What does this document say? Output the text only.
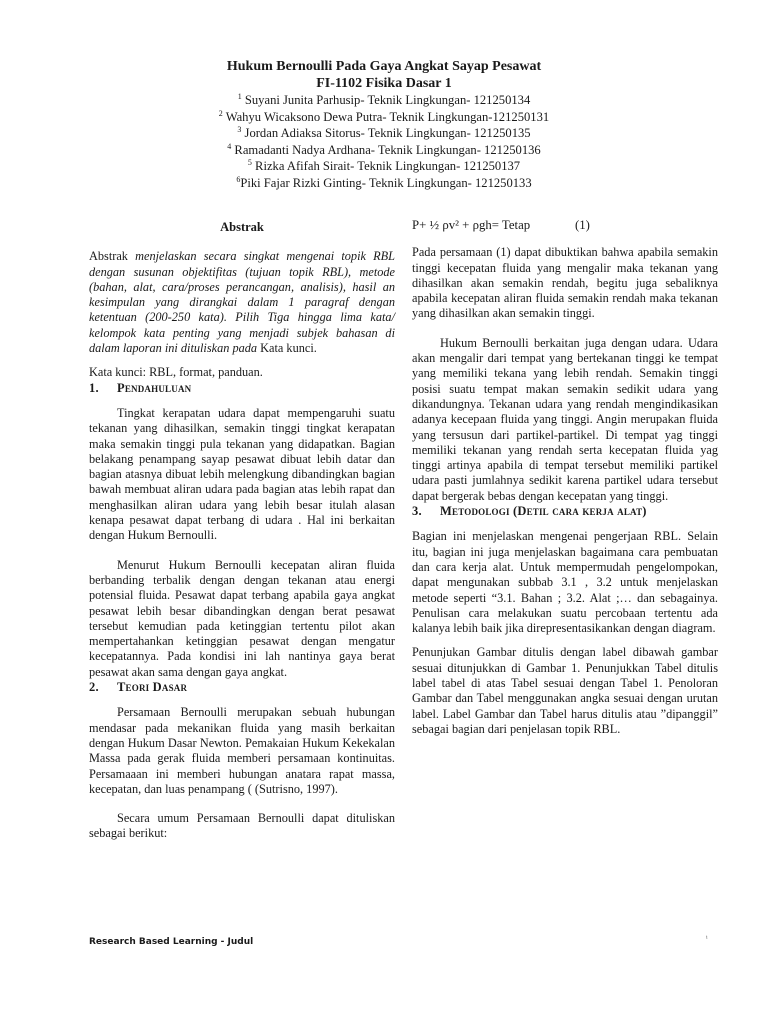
Hukum Bernoulli Pada Gaya Angkat Sayap Pesawat
FI-1102 Fisika Dasar 1
$^1$ Suyani Junita Parhusip- Teknik Lingkungan- 121250134
$^2$ Wahyu Wicaksono Dewa Putra- Teknik Lingkungan-121250131
$^3$ Jordan Adiaksa Sitorus- Teknik Lingkungan- 121250135
$^4$ Ramadanti Nadya Ardhana- Teknik Lingkungan- 121250136
$^5$ Rizka Afifah Sirait- Teknik Lingkungan- 121250137
$^6$Piki Fajar Rizki Ginting- Teknik Lingkungan- 121250133
Abstrak

Abstrak menjelaskan secara singkat mengenai topik RBL dengan susunan objektifitas (tujuan topik RBL), metode (bahan, alat, cara/proses perancangan, analisis), hasil an kesimpulan yang dirangkai dalam 1 paragraf dengan ketentuan (200-250 kata). Pilih Tiga hingga lima kata/ kelompok kata penting yang menjadi subjek bahasan di dalam laporan ini dituliskan pada Kata kunci.

Kata kunci: RBL, format, panduan.

1. Pendahuluan

Tingkat kerapatan udara dapat mempengaruhi suatu tekanan yang dihasilkan, semakin tinggi tingkat kerapatan maka semakin tinggi pula tekanan yang didapatkan. Bagian belakang penampang sayap pesawat dibuat lebih datar dan bagian atasnya dibuat lebih melengkung dibandingkan bagian bawah membuat aliran udara pada bagian atas lebih rapat dan menghasilkan aliran udara yang lebih besar itulah alasan kenapa pesawat dapat terbang di udara . Hal ini berkaitan dengan Hukum Bernoulli.

Menurut Hukum Bernoulli kecepatan aliran fluida berbanding terbalik dengan dengan tekanan atau energi potensial fluida. Pesawat dapat terbang apabila gaya angkat pesawat lebih besar dibandingkan dengan berat pesawat tersebut kemudian pada ketinggian tertentu pilot akan mempertahankan ketinggian pesawat dengan mengatur kecepatannya. Pada kondisi ini lah nantinya gaya berat pesawat akan sama dengan gaya angkat.

2. Teori Dasar

Persamaan Bernoulli merupakan sebuah hubungan mendasar pada mekanikan fluida yang masih berkaitan dengan Hukum Dasar Newton. Pemakaian Hukum Kekekalan Massa pada gerak fluida memberi persamaan kontinuitas. Persamaaan ini memberi hubungan anatara rapat massa, kecepatan, dan luas penampang ( (Sutrisno, 1997).

Secara umum Persamaan Bernoulli dapat dituliskan sebagai berikut:

P+ ½ ρv² + ρgh= Tetap	(1)

Pada persamaan (1) dapat dibuktikan bahwa apabila semakin tinggi kecepatan fluida yang mengalir maka tekanan yang dihasilkan akan semakin rendah, begitu juga sebaliknya apabila kecepatan aliran fluida semakin rendah maka tekanan yang dihasilkan akan semakin tinggi.

Hukum Bernoulli berkaitan juga dengan udara. Udara akan mengalir dari tempat yang bertekanan tinggi ke tempat yang memiliki tekana yang lebih rendah. Semakin tinggi posisi suatu tempat makan semakin sedikit udara yang dikandungnya. Tekanan udara yang rendah mengindikasikan adanya kecepaan fluida yang tinggi. Angin merupakan fluida yang tersusun dari partikel-partikel. Di tempat yag tinggi memiliki tekanan yang rendah serta kecepatan fluida yag tinggi artinya apabila di tempat tersebut memiliki partikel udara pasti jumlahnya sedikit karena partikel udara tersebut dapat bergerak bebas dengan kecepatan yang tinggi.

3. Metodologi (Detil cara kerja alat)

Bagian ini menjelaskan mengenai pengerjaan RBL. Selain itu, bagian ini juga menjelaskan bagaimana cara pembuatan dan cara kerja alat. Untuk mempermudah pengelompokan, dapat mengunakan subbab 3.1 , 3.2 untuk menjelaskan metode seperti “3.1. Bahan ; 3.2. Alat ;… dan sebagainya. Penulisan cara melakukan suatu percobaan tertentu ada kalanya lebih baik jika direpresentasikankan dengan diagram.

Penunjukan Gambar ditulis dengan label dibawah gambar sesuai ditunjukkan di Gambar 1. Penunjukkan Tabel ditulis label tabel di atas Tabel sesuai dengan Tabel 1. Penoloran Gambar dan Tabel menggunakan angka sesuai dengan urutan label. Label Gambar dan Tabel harus ditulis atau ”dipanggil” sebagai bagian dari penjelasan topik RBL.

Research Based Learning - Judul	ⁱ
